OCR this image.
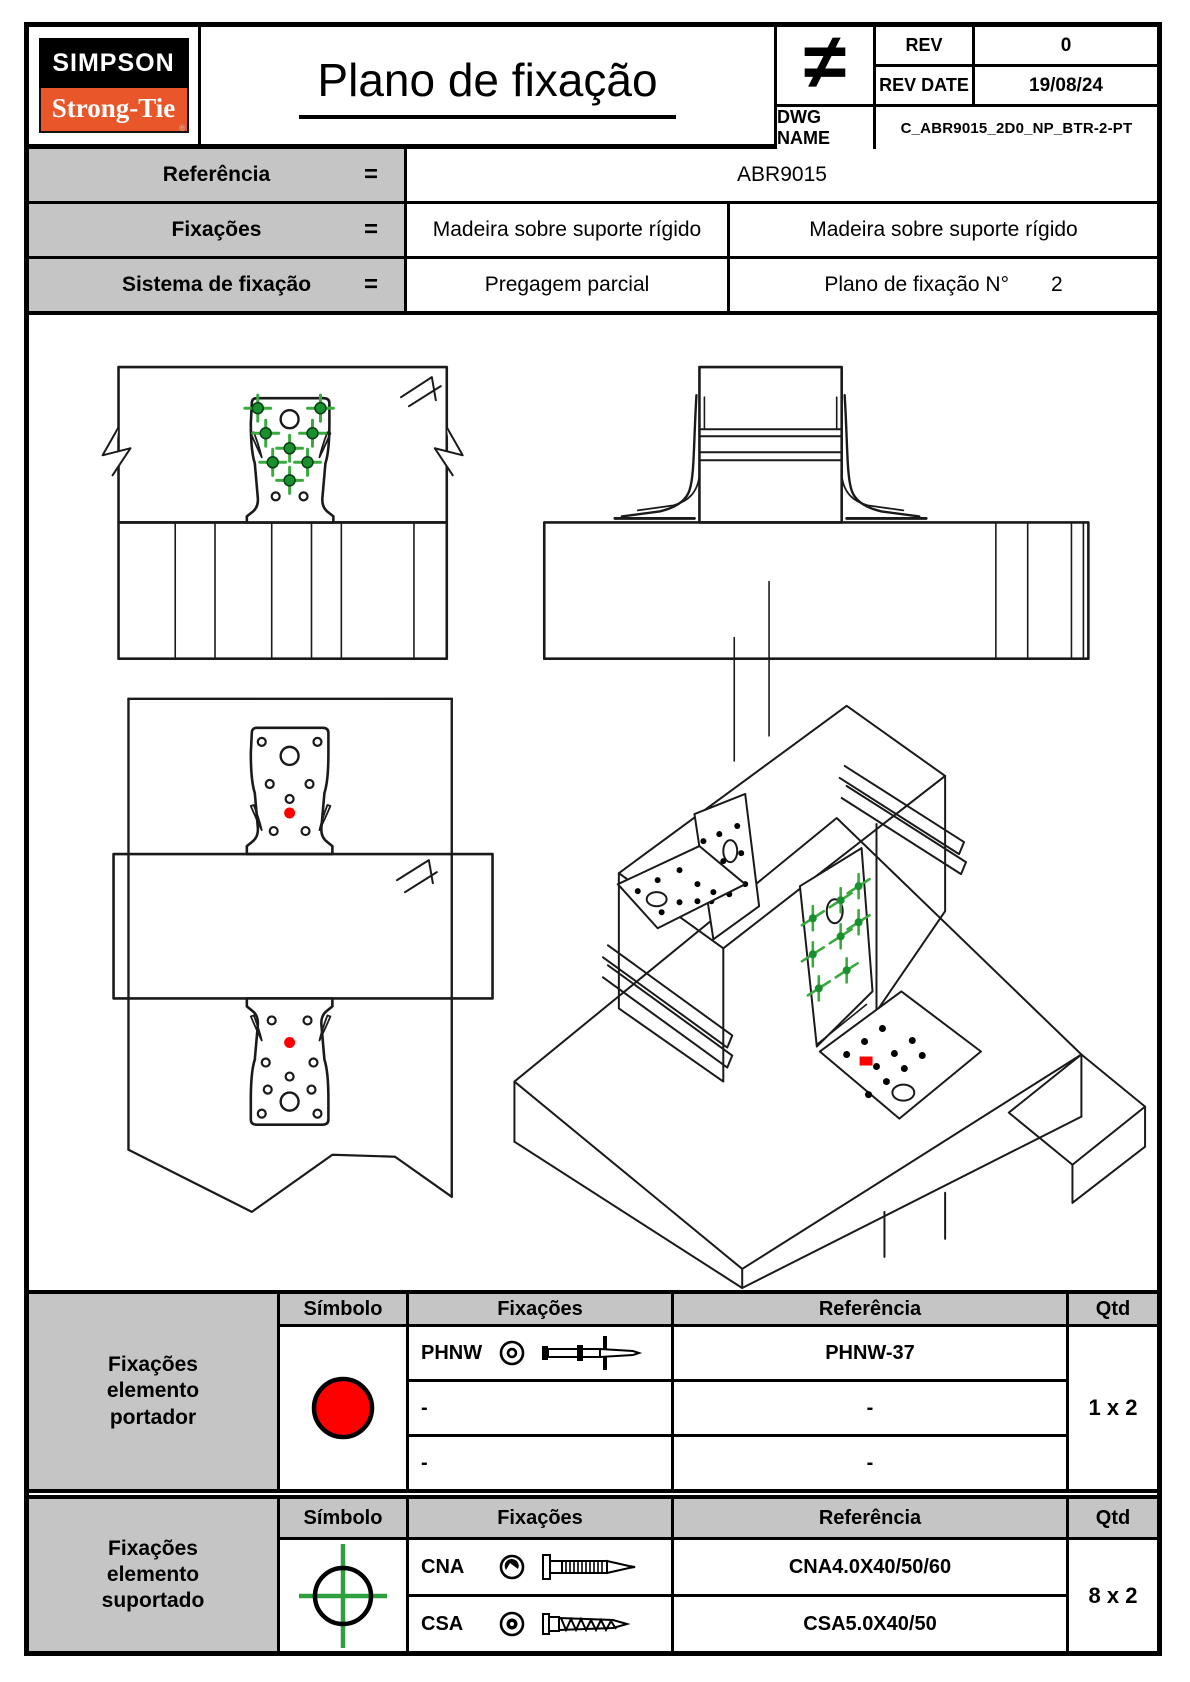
SIMPSON
Strong-Tie
®
Plano de fixação	≠	REV	0
REV DATE	19/08/24
DWG NAME	C_ABR9015_2D0_NP_BTR-2-PT
Referência	=	ABR9015
Fixações	=	Madeira sobre suporte rígido	Madeira sobre suporte rígido
Sistema de fixação =	Pregagem parcial	Plano de fixação N° 2
Fixações
elemento
portador
Símbolo	Fixações	Referência	Qtd
PHNW	PHNW-37
-	-
-	-
1 x 2
Fixações
elemento
suportado
Símbolo	Fixações	Referência	Qtd
CNA	CNA4.0X40/50/60
CSA	CSA5.0X40/50
8 x 2
